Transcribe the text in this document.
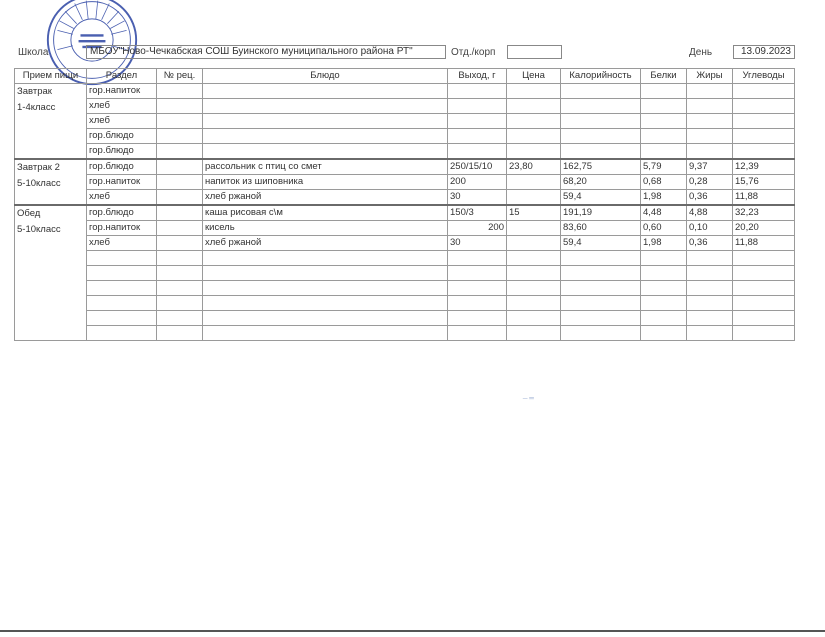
Школа	МБОУ"Ново-Чечкабская СОШ Буинского муниципального района РТ"	Отд./корп	День	13.09.2023
Прием пищи	Раздел	№ рец.	Блюдо	Выход, г	Цена	Калорийность	Белки	Жиры	Углеводы

Завтрак
1-4класс	гор.напиток								
	хлеб								
	хлеб								
	гор.блюдо								
	гор.блюдо								

Завтрак 2
5-10класс	гор.блюдо		рассольник с птиц со смет	250/15/10	23,80	162,75	5,79	9,37	12,39
	гор.напиток		напиток из шиповника	200		68,20	0,68	0,28	15,76
	хлеб		хлеб ржаной	30		59,4	1,98	0,36	11,88

Обед
5-10класс	гор.блюдо		каша рисовая с\м	150/3	15	191,19	4,48	4,88	32,23
	гор.напиток		кисель	200		83,60	0,60	0,10	20,20
	хлеб		хлеб ржаной	30		59,4	1,98	0,36	11,88

⁻⁼
